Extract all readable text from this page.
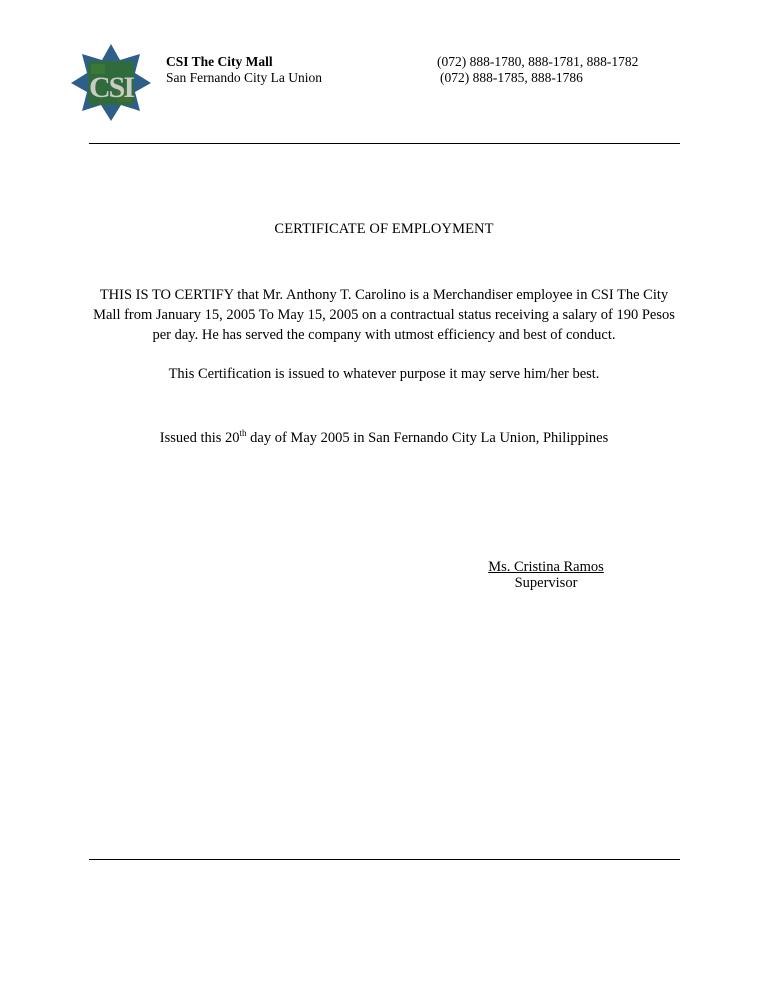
CSI
CSI The City Mall
San Fernando City La Union
(072) 888-1780, 888-1781, 888-1782
(072) 888-1785, 888-1786
CERTIFICATE OF EMPLOYMENT
THIS IS TO CERTIFY that Mr. Anthony T. Carolino is a Merchandiser employee in CSI The City Mall from January 15, 2005 To May 15, 2005 on a contractual status receiving a salary of 190 Pesos per day. He has served the company with utmost efficiency and best of conduct.
This Certification is issued to whatever purpose it may serve him/her best.
Issued this 20th day of May 2005 in San Fernando City La Union, Philippines
Ms. Cristina Ramos
Supervisor
